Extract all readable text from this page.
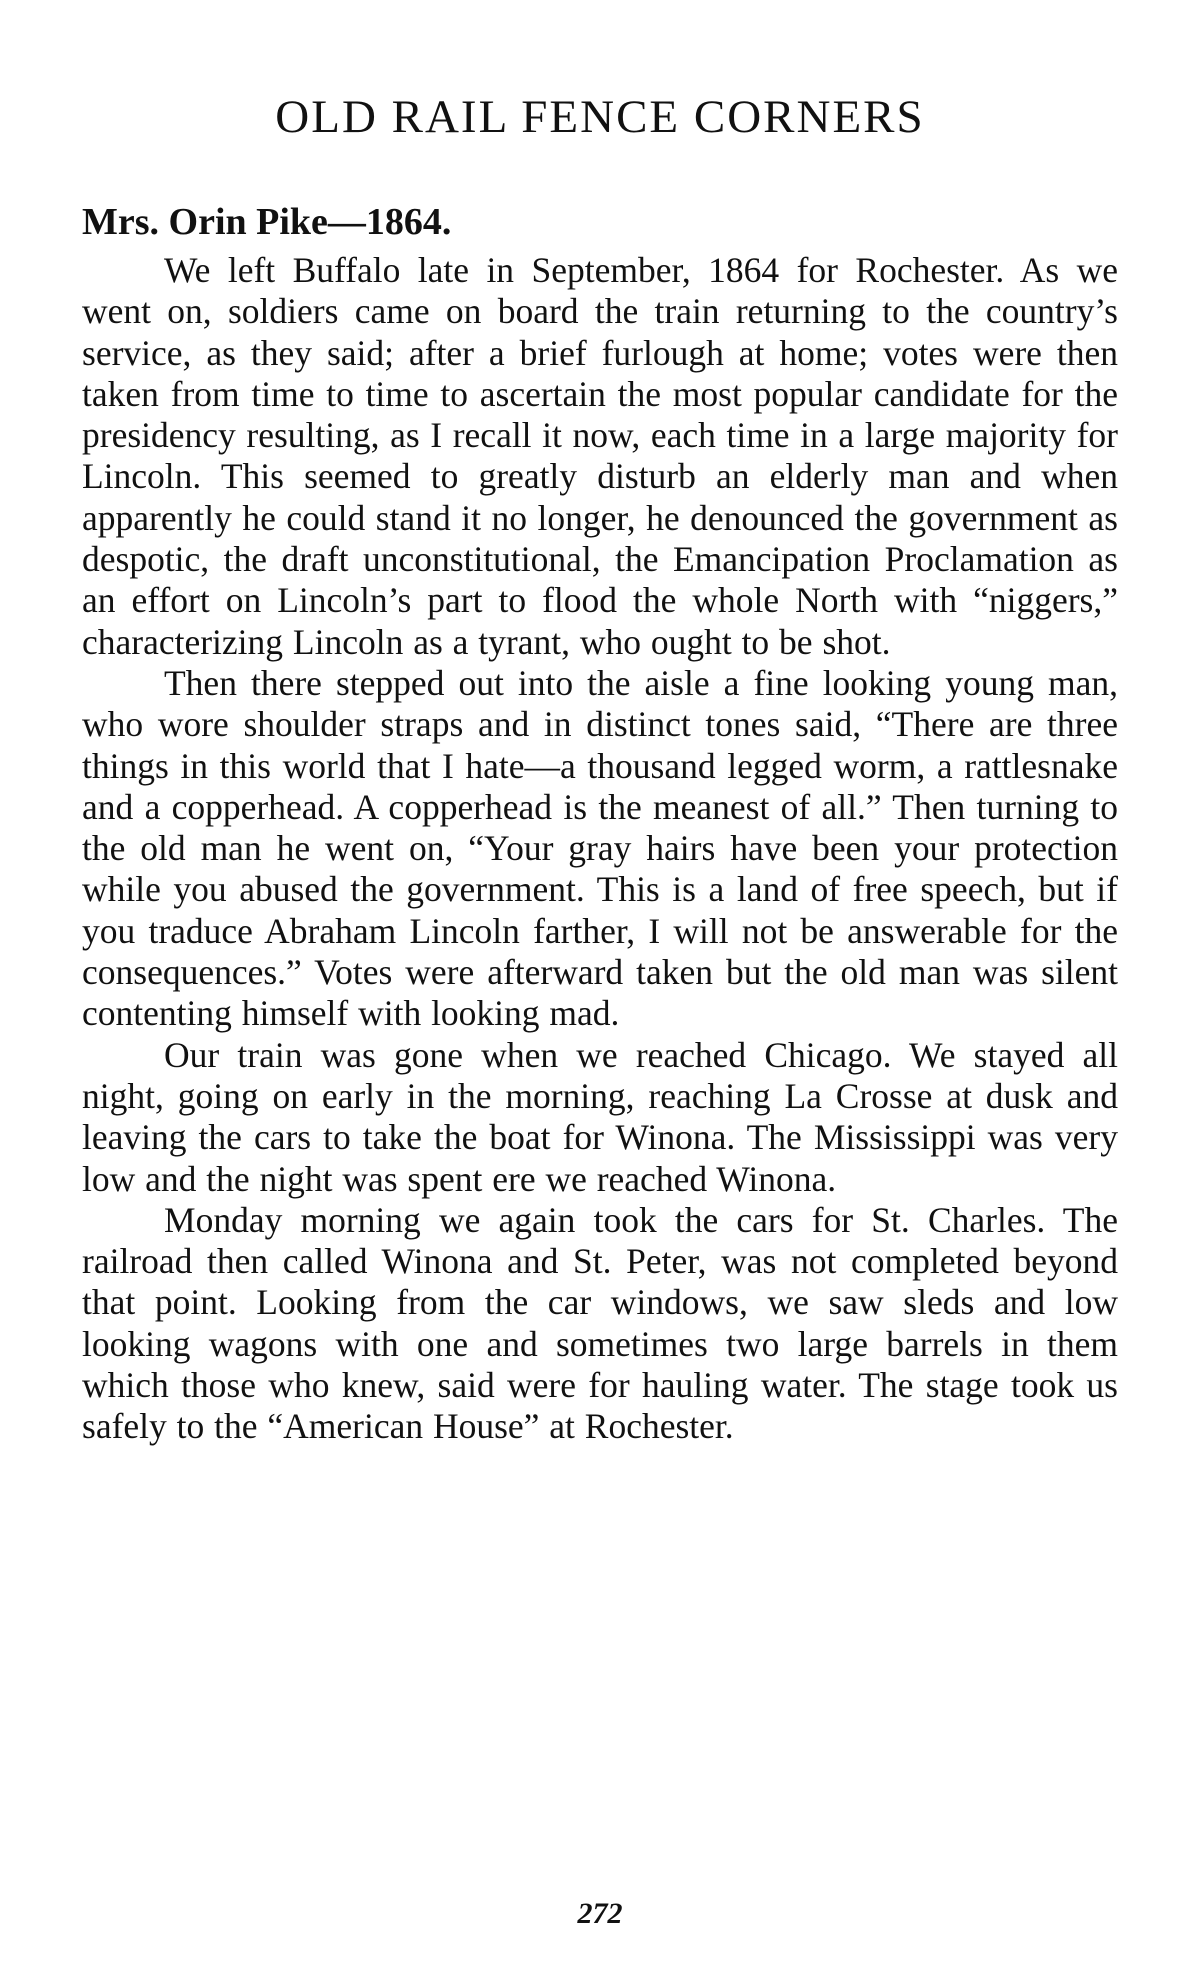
OLD RAIL FENCE CORNERS
Mrs. Orin Pike—1864.

We left Buffalo late in September, 1864 for Rochester. As we went on, soldiers came on board the train returning to the country’s service, as they said; after a brief furlough at home; votes were then taken from time to time to ascertain the most popular candidate for the presidency resulting, as I recall it now, each time in a large majority for Lincoln. This seemed to greatly disturb an elderly man and when apparently he could stand it no longer, he denounced the government as despotic, the draft unconstitutional, the Emancipation Proclamation as an effort on Lincoln’s part to flood the whole North with “niggers,” characterizing Lincoln as a tyrant, who ought to be shot.

Then there stepped out into the aisle a fine looking young man, who wore shoulder straps and in distinct tones said, “There are three things in this world that I hate—a thousand legged worm, a rattlesnake and a copperhead. A copperhead is the meanest of all.” Then turning to the old man he went on, “Your gray hairs have been your protection while you abused the government. This is a land of free speech, but if you traduce Abraham Lincoln farther, I will not be answerable for the consequences.” Votes were afterward taken but the old man was silent contenting himself with looking mad.

Our train was gone when we reached Chicago. We stayed all night, going on early in the morning, reaching La Crosse at dusk and leaving the cars to take the boat for Winona. The Mississippi was very low and the night was spent ere we reached Winona.

Monday morning we again took the cars for St. Charles. The railroad then called Winona and St. Peter, was not completed beyond that point. Looking from the car windows, we saw sleds and low looking wagons with one and sometimes two large barrels in them which those who knew, said were for hauling water. The stage took us safely to the “American House” at Rochester.

272
